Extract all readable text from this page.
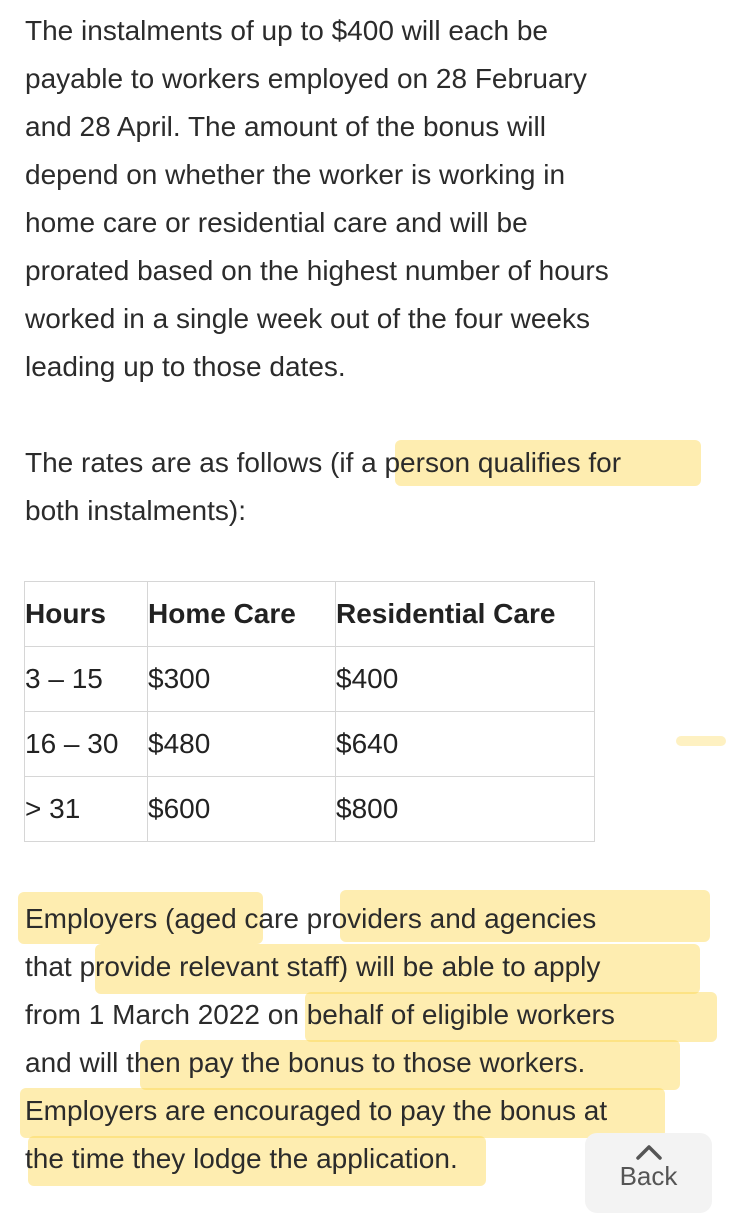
The instalments of up to $400 will each be
payable to workers employed on 28 February
and 28 April. The amount of the bonus will
depend on whether the worker is working in
home care or residential care and will be
prorated based on the highest number of hours
worked in a single week out of the four weeks
leading up to those dates.
The rates are as follows (if a person qualifies for
both instalments):
Hours	Home Care	Residential Care
3 – 15	$300	$400
16 – 30	$480	$640
> 31	$600	$800
Employers (aged care providers and agencies
that provide relevant staff) will be able to apply
from 1 March 2022 on behalf of eligible workers
and will then pay the bonus to those workers.
Employers are encouraged to pay the bonus at
the time they lodge the application.
Back
